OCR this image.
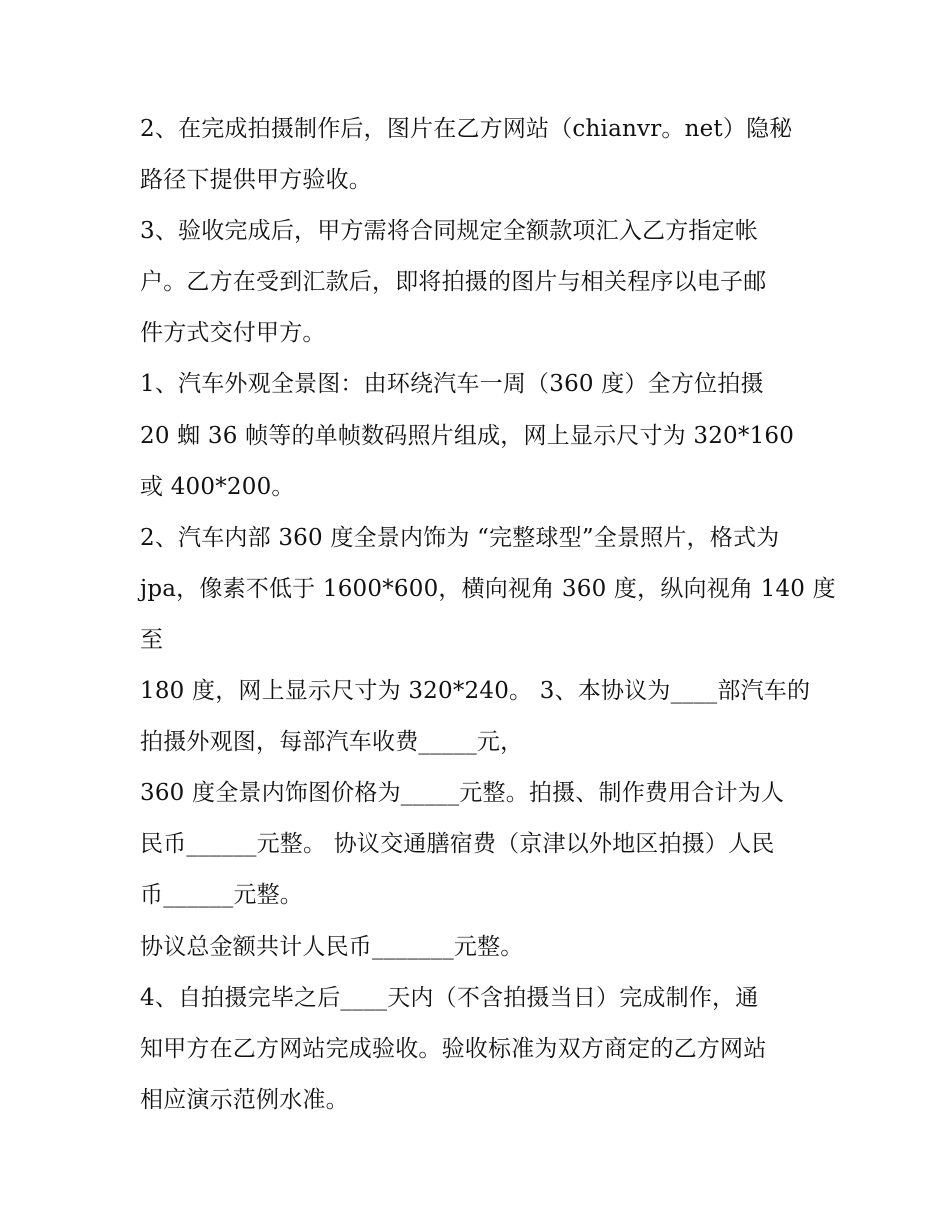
2、在完成拍摄制作后，图片在乙方网站（chianvr。net）隐秘
路径下提供甲方验收。
3、验收完成后，甲方需将合同规定全额款项汇入乙方指定帐
户。乙方在受到汇款后，即将拍摄的图片与相关程序以电子邮
件方式交付甲方。
1、汽车外观全景图：由环绕汽车一周（360 度）全方位拍摄
20 蜘 36 帧等的单帧数码照片组成，网上显示尺寸为 320*160
或 400*200。
2、汽车内部 360 度全景内饰为 “完整球型”全景照片，格式为
jpa，像素不低于 1600*600，横向视角 360 度，纵向视角 140 度
至
180 度，网上显示尺寸为 320*240。 3、本协议为____部汽车的
拍摄外观图，每部汽车收费_____元，
360 度全景内饰图价格为_____元整。拍摄、制作费用合计为人
民币______元整。 协议交通膳宿费（京津以外地区拍摄）人民
币______元整。
协议总金额共计人民币_______元整。
4、自拍摄完毕之后____天内（不含拍摄当日）完成制作，通
知甲方在乙方网站完成验收。验收标准为双方商定的乙方网站
相应演示范例水准。
